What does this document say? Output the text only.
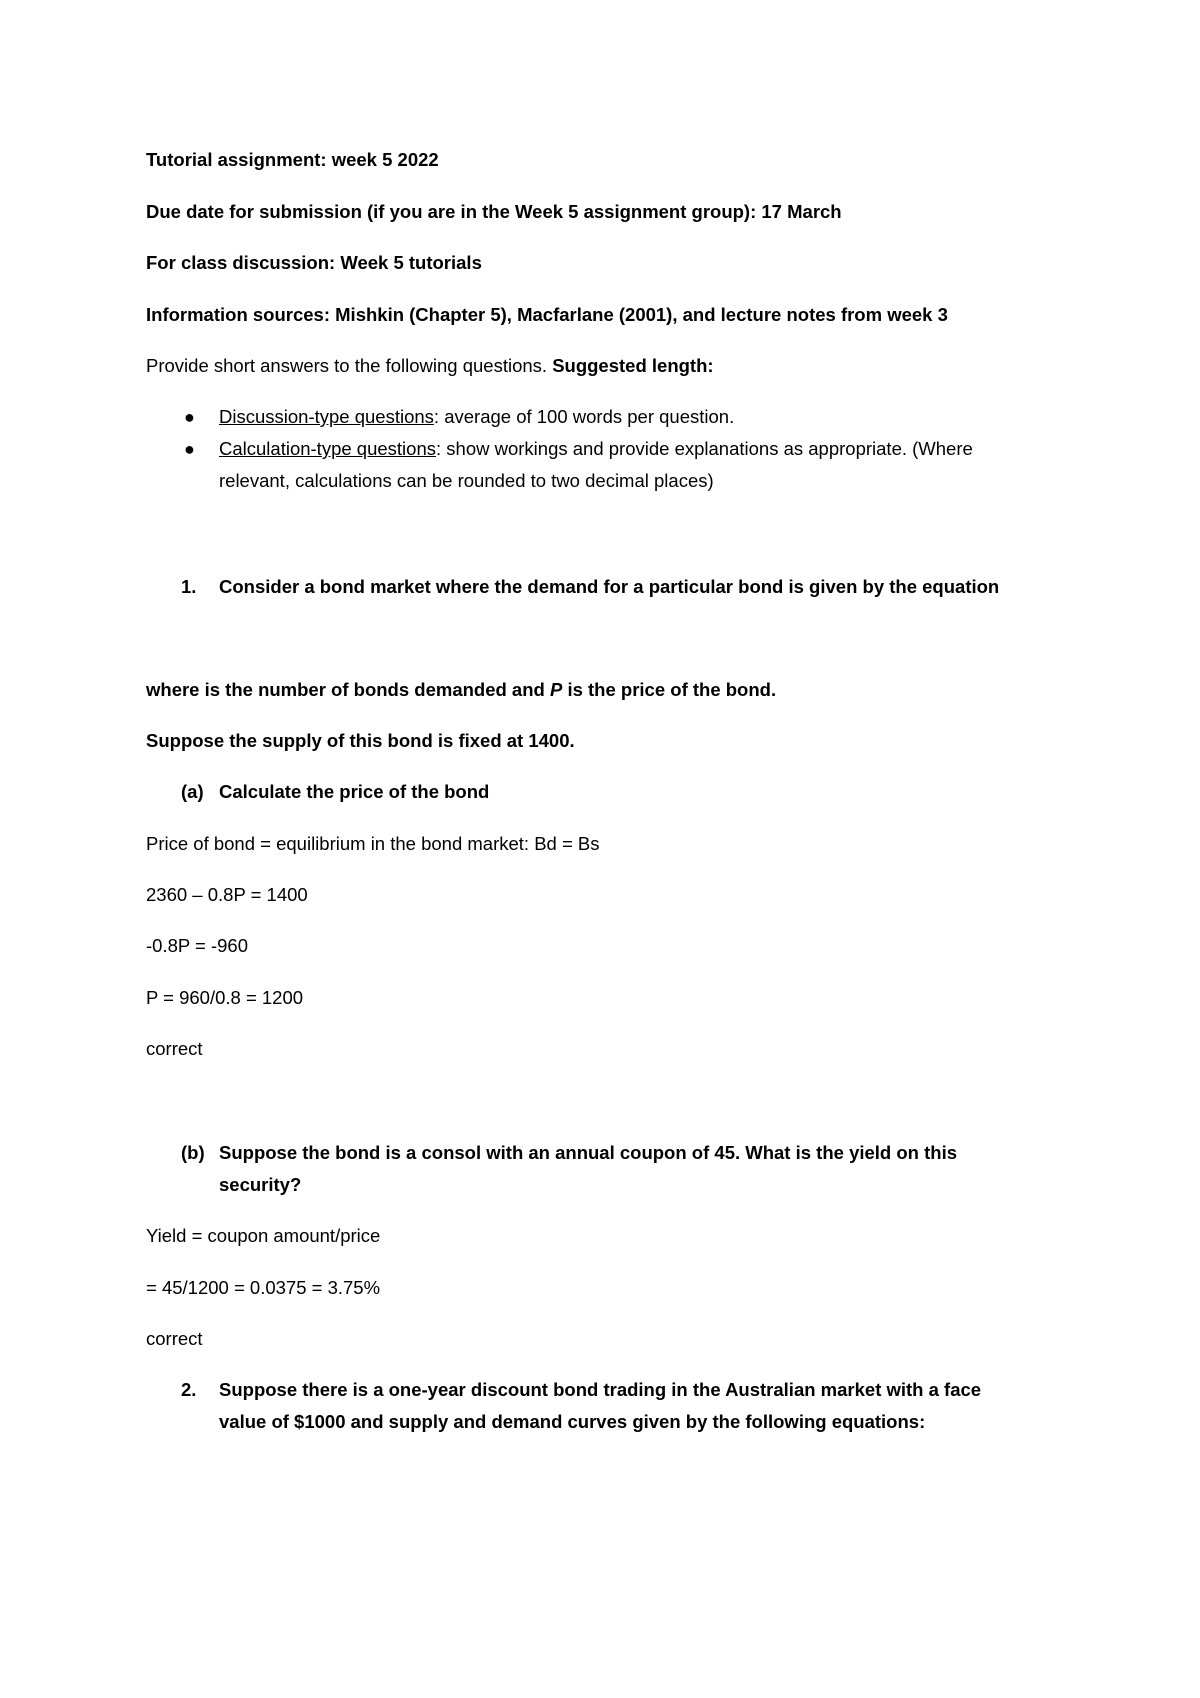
Tutorial assignment: week 5 2022
Due date for submission (if you are in the Week 5 assignment group): 17 March
For class discussion: Week 5 tutorials
Information sources: Mishkin (Chapter 5), Macfarlane (2001), and lecture notes from week 3
Provide short answers to the following questions. Suggested length:
● Discussion-type questions: average of 100 words per question.
● Calculation-type questions: show workings and provide explanations as appropriate. (Where
relevant, calculations can be rounded to two decimal places)
1. Consider a bond market where the demand for a particular bond is given by the equation
where is the number of bonds demanded and P is the price of the bond.
Suppose the supply of this bond is fixed at 1400.
(a) Calculate the price of the bond
Price of bond = equilibrium in the bond market: Bd = Bs
2360 – 0.8P = 1400
-0.8P = -960
P = 960/0.8 = 1200
correct
(b) Suppose the bond is a consol with an annual coupon of 45. What is the yield on this
security?
Yield = coupon amount/price
= 45/1200 = 0.0375 = 3.75%
correct
2. Suppose there is a one-year discount bond trading in the Australian market with a face
value of $1000 and supply and demand curves given by the following equations:
